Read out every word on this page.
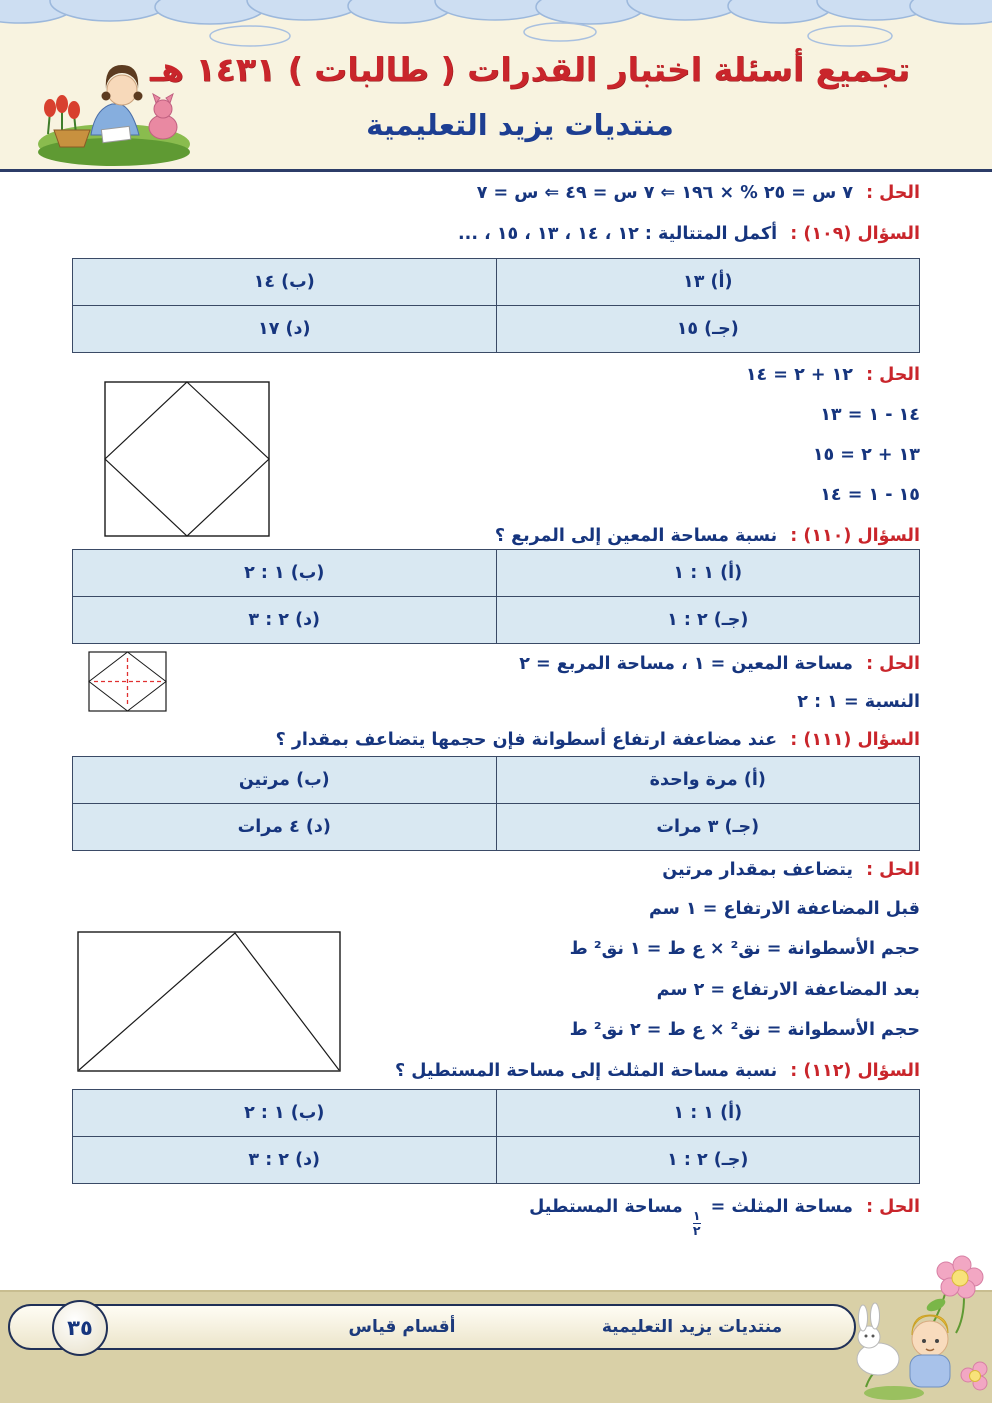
تجميع أسئلة اختبار القدرات ( طالبات ) ١٤٣١ هـ
منتديات يزيد التعليمية

الحل : ٧ س = ٢٥ % × ١٩٦ ⇐ ٧ س = ٤٩ ⇐ س = ٧

السؤال (١٠٩) : أكمل المتتالية : ١٢ ، ١٤ ، ١٣ ، ١٥ ، ...

(أ) ١٣	(ب) ١٤
(جـ) ١٥	(د) ١٧

الحل : ١٢ + ٢ = ١٤

١٤ - ١ = ١٣

١٣ + ٢ = ١٥

١٥ - ١ = ١٤

السؤال (١١٠) : نسبة مساحة المعين إلى المربع ؟

(أ) ١ : ١	(ب) ١ : ٢
(جـ) ٢ : ١	(د) ٢ : ٣

الحل : مساحة المعين = ١ ، مساحة المربع = ٢

النسبة = ١ : ٢

السؤال (١١١) : عند مضاعفة ارتفاع أسطوانة فإن حجمها يتضاعف بمقدار ؟

(أ) مرة واحدة	(ب) مرتين
(جـ) ٣ مرات	(د) ٤ مرات

الحل : يتضاعف بمقدار مرتين

قبل المضاعفة الارتفاع = ١ سم

حجم الأسطوانة = نق² × ع ط = ١ نق² ط

بعد المضاعفة الارتفاع = ٢ سم

حجم الأسطوانة = نق² × ع ط = ٢ نق² ط

السؤال (١١٢) : نسبة مساحة المثلث إلى مساحة المستطيل ؟

(أ) ١ : ١	(ب) ١ : ٢
(جـ) ٢ : ١	(د) ٢ : ٣

الحل : مساحة المثلث =
$\frac{١}{٢}$
مساحة المستطيل

٣٥	أقسام قياس	منتديات يزيد التعليمية
